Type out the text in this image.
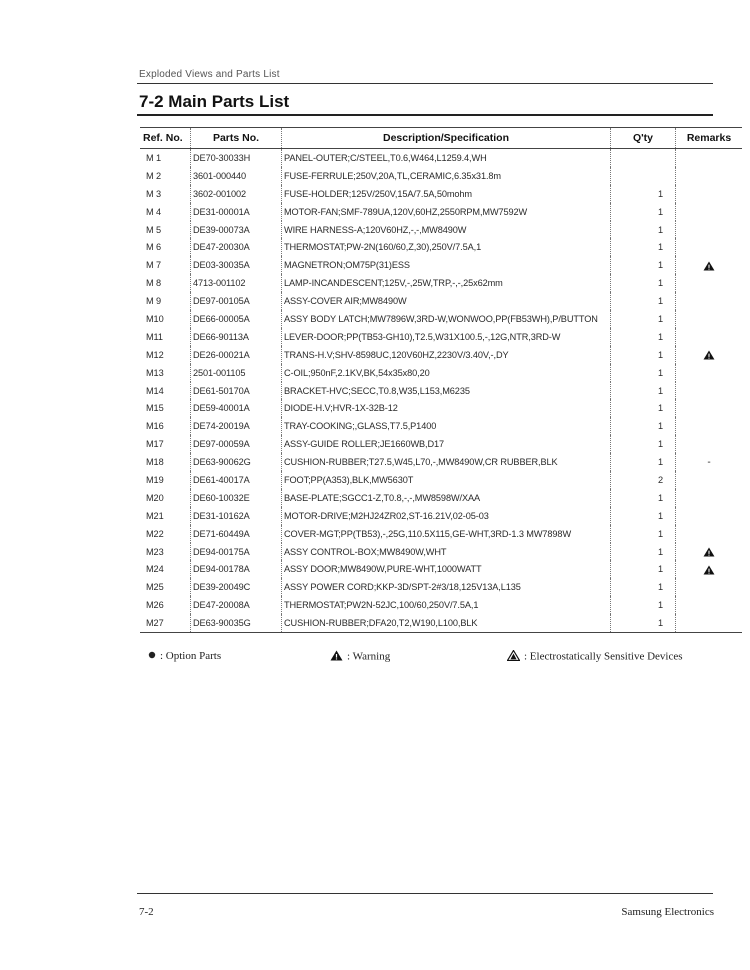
Exploded Views and Parts List
7-2 Main Parts List
Ref. No.	Parts No.	Description/Specification	Q'ty	Remarks
M 1	DE70-30033H	PANEL-OUTER;C/STEEL,T0.6,W464,L1259.4,WH		
M 2	3601-000440	FUSE-FERRULE;250V,20A,TL,CERAMIC,6.35x31.8m		
M 3	3602-001002	FUSE-HOLDER;125V/250V,15A/7.5A,50mohm	1	
M 4	DE31-00001A	MOTOR-FAN;SMF-789UA,120V,60HZ,2550RPM,MW7592W	1	
M 5	DE39-00073A	WIRE HARNESS-A;120V60HZ,-,-,MW8490W	1	
M 6	DE47-20030A	THERMOSTAT;PW-2N(160/60,Z,30),250V/7.5A,1	1	
M 7	DE03-30035A	MAGNETRON;OM75P(31)ESS	1	
M 8	4713-001102	LAMP-INCANDESCENT;125V,-,25W,TRP,-,-,25x62mm	1	
M 9	DE97-00105A	ASSY-COVER AIR;MW8490W	1	
M10	DE66-00005A	ASSY BODY LATCH;MW7896W,3RD-W,WONWOO,PP(FB53WH),P/BUTTON	1	
M11	DE66-90113A	LEVER-DOOR;PP(TB53-GH10),T2.5,W31X100.5,-,12G,NTR,3RD-W	1	
M12	DE26-00021A	TRANS-H.V;SHV-8598UC,120V60HZ,2230V/3.40V,-,DY	1	
M13	2501-001105	C-OIL;950nF,2.1KV,BK,54x35x80,20	1	
M14	DE61-50170A	BRACKET-HVC;SECC,T0.8,W35,L153,M6235	1	
M15	DE59-40001A	DIODE-H.V;HVR-1X-32B-12	1	
M16	DE74-20019A	TRAY-COOKING;,GLASS,T7.5,P1400	1	
M17	DE97-00059A	ASSY-GUIDE ROLLER;JE1660WB,D17	1	
M18	DE63-90062G	CUSHION-RUBBER;T27.5,W45,L70,-,MW8490W,CR RUBBER,BLK	1	-
M19	DE61-40017A	FOOT;PP(A353),BLK,MW5630T	2	
M20	DE60-10032E	BASE-PLATE;SGCC1-Z,T0.8,-,-,MW8598W/XAA	1	
M21	DE31-10162A	MOTOR-DRIVE;M2HJ24ZR02,ST-16.21V,02-05-03	1	
M22	DE71-60449A	COVER-MGT;PP(TB53),-,25G,110.5X115,GE-WHT,3RD-1.3 MW7898W	1	
M23	DE94-00175A	ASSY CONTROL-BOX;MW8490W,WHT	1	
M24	DE94-00178A	ASSY DOOR;MW8490W,PURE-WHT,1000WATT	1	
M25	DE39-20049C	ASSY POWER CORD;KKP-3D/SPT-2#3/18,125V13A,L135	1	
M26	DE47-20008A	THERMOSTAT;PW2N-52JC,100/60,250V/7.5A,1	1	
M27	DE63-90035G	CUSHION-RUBBER;DFA20,T2,W190,L100,BLK	1	
: Option Parts	: Warning	: Electrostatically Sensitive Devices
7-2	Samsung Electronics
